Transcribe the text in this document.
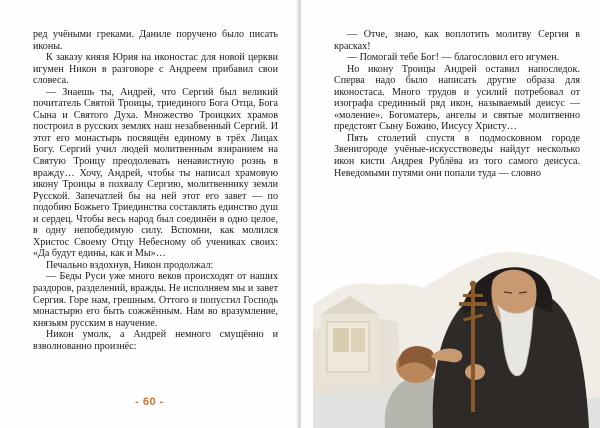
ред учёными греками. Даниле поручено было писать иконы.

К заказу князя Юрия на иконостас для новой церкви игумен Никон в разговоре с Андреем прибавил свои словеса.

— Знаешь ты, Андрей, что Сергий был великий почитатель Святой Троицы, триединого Бога Отца, Бога Сына и Святого Духа. Множество Троицких храмов построил в русских землях наш незабвенный Сергий. И этот его монастырь посвящён единому в трёх Лицах Богу. Сергий учил людей молитвенным взиранием на Святую Троицу преодолевать ненавистную рознь в вражду… Хочу, Андрей, чтобы ты написал храмовую икону Троицы в похвалу Сергию, молитвеннику земли Русской. Запечатлей бы на ней этот его завет — по подобию Божьего Триединства составлять единство душ и сердец. Чтобы весь народ был соединён в одно целое, в одну непобедимую силу. Вспомни, как молился Христос Своему Отцу Небесному об учениках своих: «Да будут едины, как и Мы»…

Печально вздохнув, Никон продолжал:

— Беды Руси уже много веков происходят от наших раздоров, разделений, вражды. Не исполняем мы и завет Сергия. Горе нам, грешным. Оттого и попустил Господь монастырю его быть сожжённым. Нам во вразумление, князьям русским в научение.

Никон умолк, а Андрей немного смущённо и взволнованно произнёс:

- 60 -

— Отче, знаю, как воплотить молитву Сергия в красках!

— Помогай тебе Бог! — благословил его игумен.

Но икону Троицы Андрей оставил напоследок. Сперва надо было написать другие образа для иконостаса. Много трудов и усилий потребовал от изографа срединный ряд икон, называемый деисус — «моление». Богоматерь, ангелы и святые молитвенно предстоят Сыну Божию, Иисусу Христу…

Пять столетий спустя в подмосковном городе Звенигороде учёные-искусствоведы найдут несколько икон кисти Андрея Рублёва из того самого деисуса. Неведомыми путями они попали туда — словно
